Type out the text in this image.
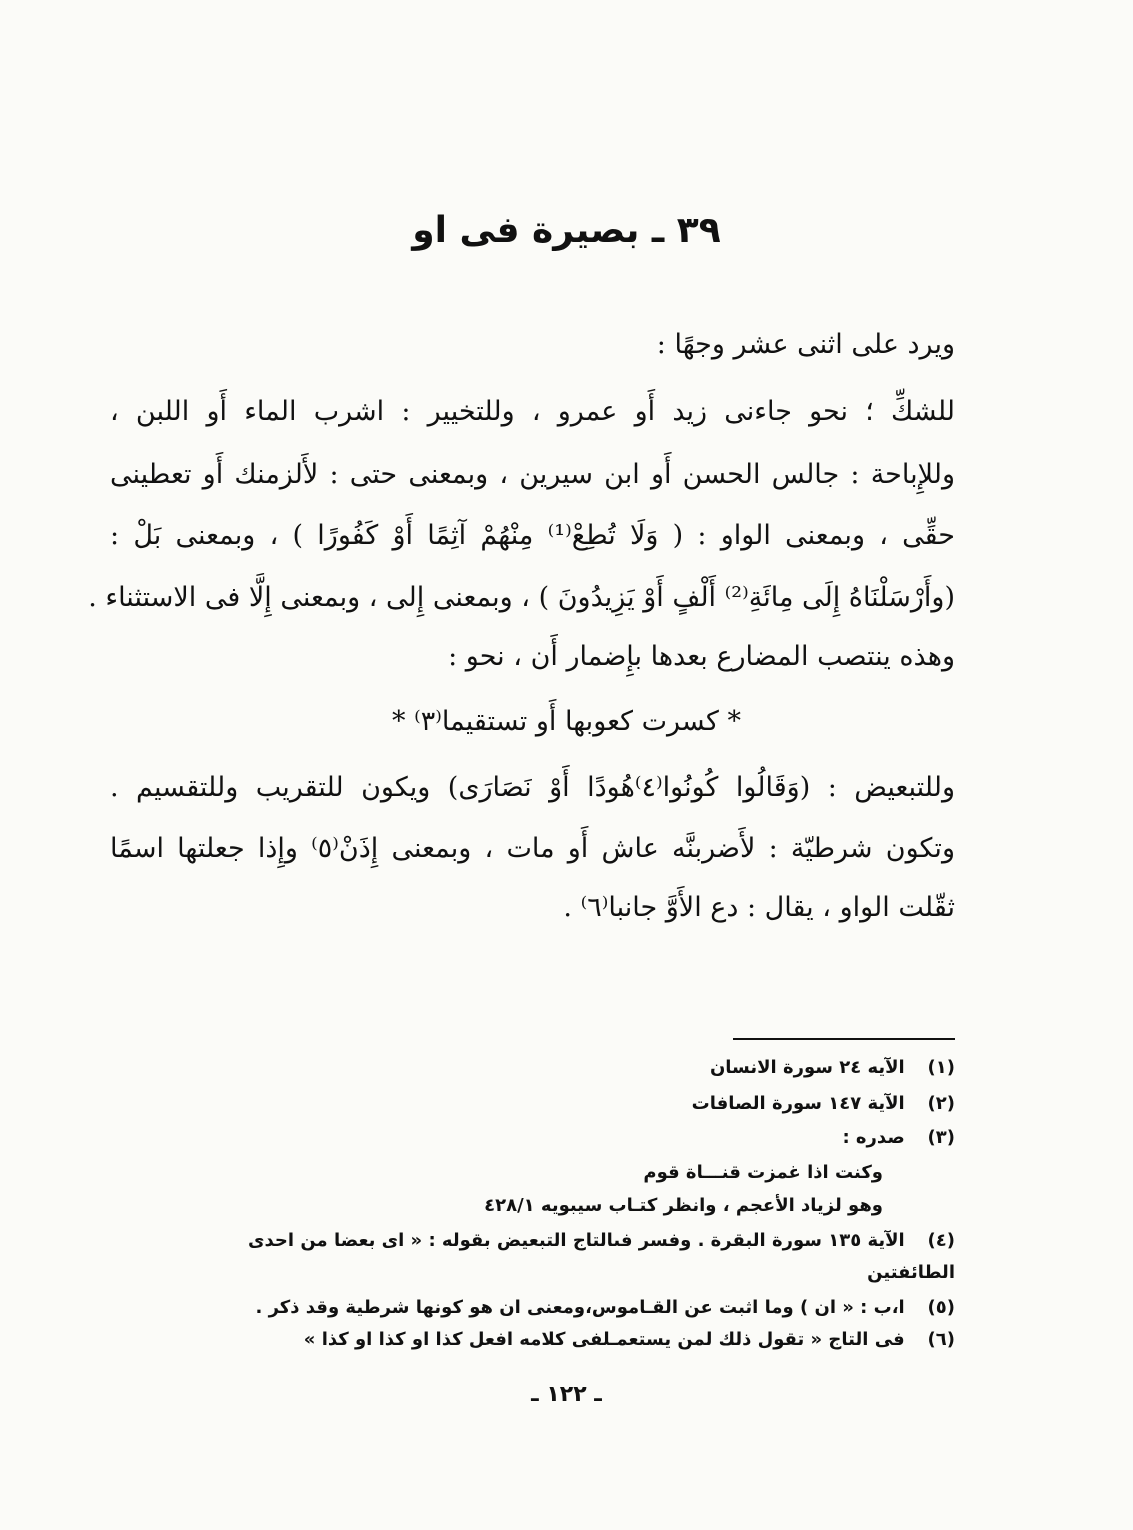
٣٩ ـ بصيرة فى او
ويرد على اثنى عشر وجهًا :
للشكِّ ؛ نحو جاءنى زيد أَو عمرو ، وللتخيير : اشرب الماء أَو اللبن ،
وللإِباحة : جالس الحسن أَو ابن سيرين ، وبمعنى حتى : لأَلزمنك أَو تعطينى
حقِّى ، وبمعنى الواو : ( وَلَا تُطِعْ⁽¹⁾ مِنْهُمْ آثِمًا أَوْ كَفُورًا ) ، وبمعنى بَلْ :
(وأَرْسَلْنَاهُ إِلَى مِائَةِ⁽²⁾ أَلْفٍ أَوْ يَزِيدُونَ ) ، وبمعنى إِلى ، وبمعنى إِلَّا فى الاستثناء .
وهذه ينتصب المضارع بعدها بإِضمار أَن ، نحو :
* كسرت كعوبها أَو تستقيما⁽٣⁾ *
وللتبعيض : (وَقَالُوا كُونُوا⁽٤⁾هُودًا أَوْ نَصَارَى) ويكون للتقريب وللتقسيم .
وتكون شرطيّة : لأَضربنَّه عاش أَو مات ، وبمعنى إِذَنْ⁽٥⁾ وإِذا جعلتها اسمًا
ثقّلت الواو ، يقال : دع الأَوَّ جانبا⁽٦⁾ .
(١) الآيه ٢٤ سورة الانسان
(٢) الآية ١٤٧ سورة الصافات
(٣) صدره :
وكنت اذا غمزت قنـــاة قوم
وهو لزياد الأعجم ، وانظر كتـاب سيبويه ٤٢٨/١
(٤) الآية ١٣٥ سورة البقرة . وفسر فىالتاج التبعيض بقوله : « اى بعضا من احدى
الطائفتين
(٥) ا،ب : « ان ) وما اثبت عن القـاموس،ومعنى ان هو كونها شرطية وقد ذكر .
(٦) فى التاج « تقول ذلك لمن يستعمـلفى كلامه افعل كذا او كذا او كذا »
ـ ١٢٢ ـ
